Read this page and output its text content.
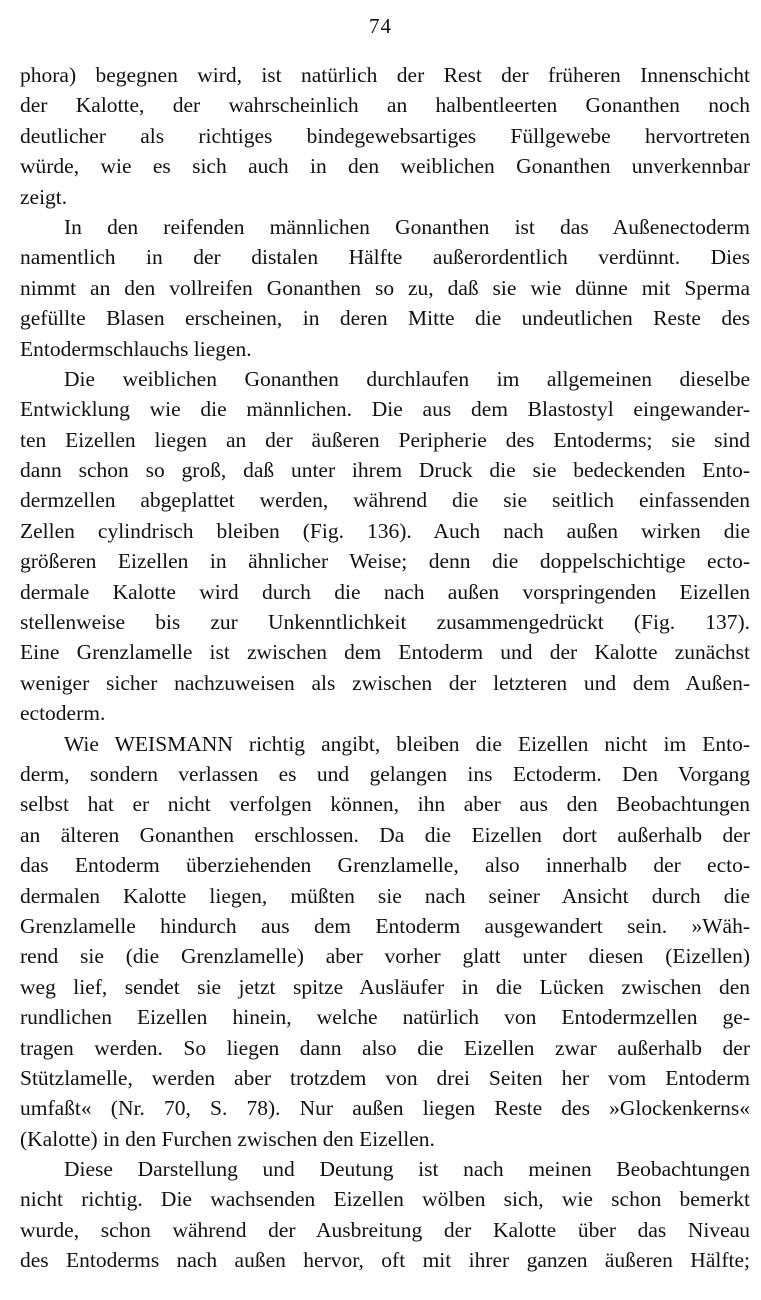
74
phora) begegnen wird, ist natürlich der Rest der früheren Innenschicht
der Kalotte, der wahrscheinlich an halbentleerten Gonanthen noch
deutlicher als richtiges bindegewebsartiges Füllgewebe hervortreten
würde, wie es sich auch in den weiblichen Gonanthen unverkennbar
zeigt.
In den reifenden männlichen Gonanthen ist das Außenectoderm
namentlich in der distalen Hälfte außerordentlich verdünnt. Dies
nimmt an den vollreifen Gonanthen so zu, daß sie wie dünne mit Sperma
gefüllte Blasen erscheinen, in deren Mitte die undeutlichen Reste des
Entodermschlauchs liegen.
Die weiblichen Gonanthen durchlaufen im allgemeinen dieselbe
Entwicklung wie die männlichen. Die aus dem Blastostyl eingewander-
ten Eizellen liegen an der äußeren Peripherie des Entoderms; sie sind
dann schon so groß, daß unter ihrem Druck die sie bedeckenden Ento-
dermzellen abgeplattet werden, während die sie seitlich einfassenden
Zellen cylindrisch bleiben (Fig. 136). Auch nach außen wirken die
größeren Eizellen in ähnlicher Weise; denn die doppelschichtige ecto-
dermale Kalotte wird durch die nach außen vorspringenden Eizellen
stellenweise bis zur Unkenntlichkeit zusammengedrückt (Fig. 137).
Eine Grenzlamelle ist zwischen dem Entoderm und der Kalotte zunächst
weniger sicher nachzuweisen als zwischen der letzteren und dem Außen-
ectoderm.
Wie WEISMANN richtig angibt, bleiben die Eizellen nicht im Ento-
derm, sondern verlassen es und gelangen ins Ectoderm. Den Vorgang
selbst hat er nicht verfolgen können, ihn aber aus den Beobachtungen
an älteren Gonanthen erschlossen. Da die Eizellen dort außerhalb der
das Entoderm überziehenden Grenzlamelle, also innerhalb der ecto-
dermalen Kalotte liegen, müßten sie nach seiner Ansicht durch die
Grenzlamelle hindurch aus dem Entoderm ausgewandert sein. »Wäh-
rend sie (die Grenzlamelle) aber vorher glatt unter diesen (Eizellen)
weg lief, sendet sie jetzt spitze Ausläufer in die Lücken zwischen den
rundlichen Eizellen hinein, welche natürlich von Entodermzellen ge-
tragen werden. So liegen dann also die Eizellen zwar außerhalb der
Stützlamelle, werden aber trotzdem von drei Seiten her vom Entoderm
umfaßt« (Nr. 70, S. 78). Nur außen liegen Reste des »Glockenkerns«
(Kalotte) in den Furchen zwischen den Eizellen.
Diese Darstellung und Deutung ist nach meinen Beobachtungen
nicht richtig. Die wachsenden Eizellen wölben sich, wie schon bemerkt
wurde, schon während der Ausbreitung der Kalotte über das Niveau
des Entoderms nach außen hervor, oft mit ihrer ganzen äußeren Hälfte;
